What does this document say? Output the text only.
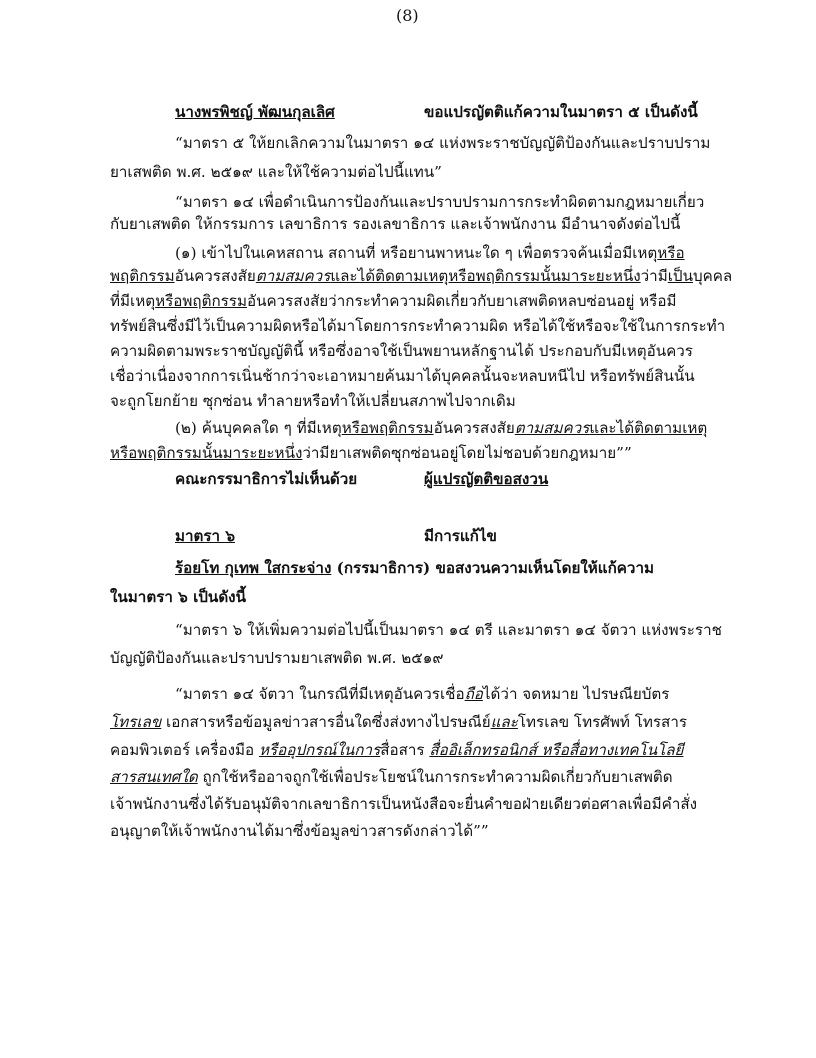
(8)
นางพรพิชญ์ พัฒนกุลเลิศ	ขอแปรญัตติแก้ความในมาตรา ๕ เป็นดังนี้
“มาตรา ๕ ให้ยกเลิกความในมาตรา ๑๔ แห่งพระราชบัญญัติป้องกันและปราบปราม
ยาเสพติด พ.ศ. ๒๕๑๙ และให้ใช้ความต่อไปนี้แทน”
“มาตรา ๑๔ เพื่อดำเนินการป้องกันและปราบปรามการกระทำผิดตามกฎหมายเกี่ยว
กับยาเสพติด ให้กรรมการ เลขาธิการ รองเลขาธิการ และเจ้าพนักงาน มีอำนาจดังต่อไปนี้
(๑) เข้าไปในเคหสถาน สถานที่ หรือยานพาหนะใด ๆ เพื่อตรวจค้นเมื่อมีเหตุหรือ
พฤติกรรมอันควรสงสัยตามสมควรและได้ติดตามเหตุหรือพฤติกรรมนั้นมาระยะหนึ่งว่ามีเป็นบุคคล
ที่มีเหตุหรือพฤติกรรมอันควรสงสัยว่ากระทำความผิดเกี่ยวกับยาเสพติดหลบซ่อนอยู่ หรือมี
ทรัพย์สินซึ่งมีไว้เป็นความผิดหรือได้มาโดยการกระทำความผิด หรือได้ใช้หรือจะใช้ในการกระทำ
ความผิดตามพระราชบัญญัตินี้ หรือซึ่งอาจใช้เป็นพยานหลักฐานได้ ประกอบกับมีเหตุอันควร
เชื่อว่าเนื่องจากการเนิ่นช้ากว่าจะเอาหมายค้นมาได้บุคคลนั้นจะหลบหนีไป หรือทรัพย์สินนั้น
จะถูกโยกย้าย ซุกซ่อน ทำลายหรือทำให้เปลี่ยนสภาพไปจากเดิม
(๒) ค้นบุคคลใด ๆ ที่มีเหตุหรือพฤติกรรมอันควรสงสัยตามสมควรและได้ติดตามเหตุ
หรือพฤติกรรมนั้นมาระยะหนึ่งว่ามียาเสพติดซุกซ่อนอยู่โดยไม่ชอบด้วยกฎหมาย””
คณะกรรมาธิการไม่เห็นด้วย	ผู้แปรญัตติขอสงวน
มาตรา ๖	มีการแก้ไข
ร้อยโท กุเทพ ใสกระจ่าง (กรรมาธิการ) ขอสงวนความเห็นโดยให้แก้ความ
ในมาตรา ๖ เป็นดังนี้
“มาตรา ๖ ให้เพิ่มความต่อไปนี้เป็นมาตรา ๑๔ ตรี และมาตรา ๑๔ จัตวา แห่งพระราช
บัญญัติป้องกันและปราบปรามยาเสพติด พ.ศ. ๒๕๑๙
“มาตรา ๑๔ จัตวา ในกรณีที่มีเหตุอันควรเชื่อถือได้ว่า จดหมาย ไปรษณียบัตร
โทรเลข เอกสารหรือข้อมูลข่าวสารอื่นใดซึ่งส่งทางไปรษณีย์และโทรเลข โทรศัพท์ โทรสาร
คอมพิวเตอร์ เครื่องมือ หรืออุปกรณ์ในการสื่อสาร สื่ออิเล็กทรอนิกส์ หรือสื่อทางเทคโนโลยี
สารสนเทศใด ถูกใช้หรืออาจถูกใช้เพื่อประโยชน์ในการกระทำความผิดเกี่ยวกับยาเสพติด
เจ้าพนักงานซึ่งได้รับอนุมัติจากเลขาธิการเป็นหนังสือจะยื่นคำขอฝ่ายเดียวต่อศาลเพื่อมีคำสั่ง
อนุญาตให้เจ้าพนักงานได้มาซึ่งข้อมูลข่าวสารดังกล่าวได้””
